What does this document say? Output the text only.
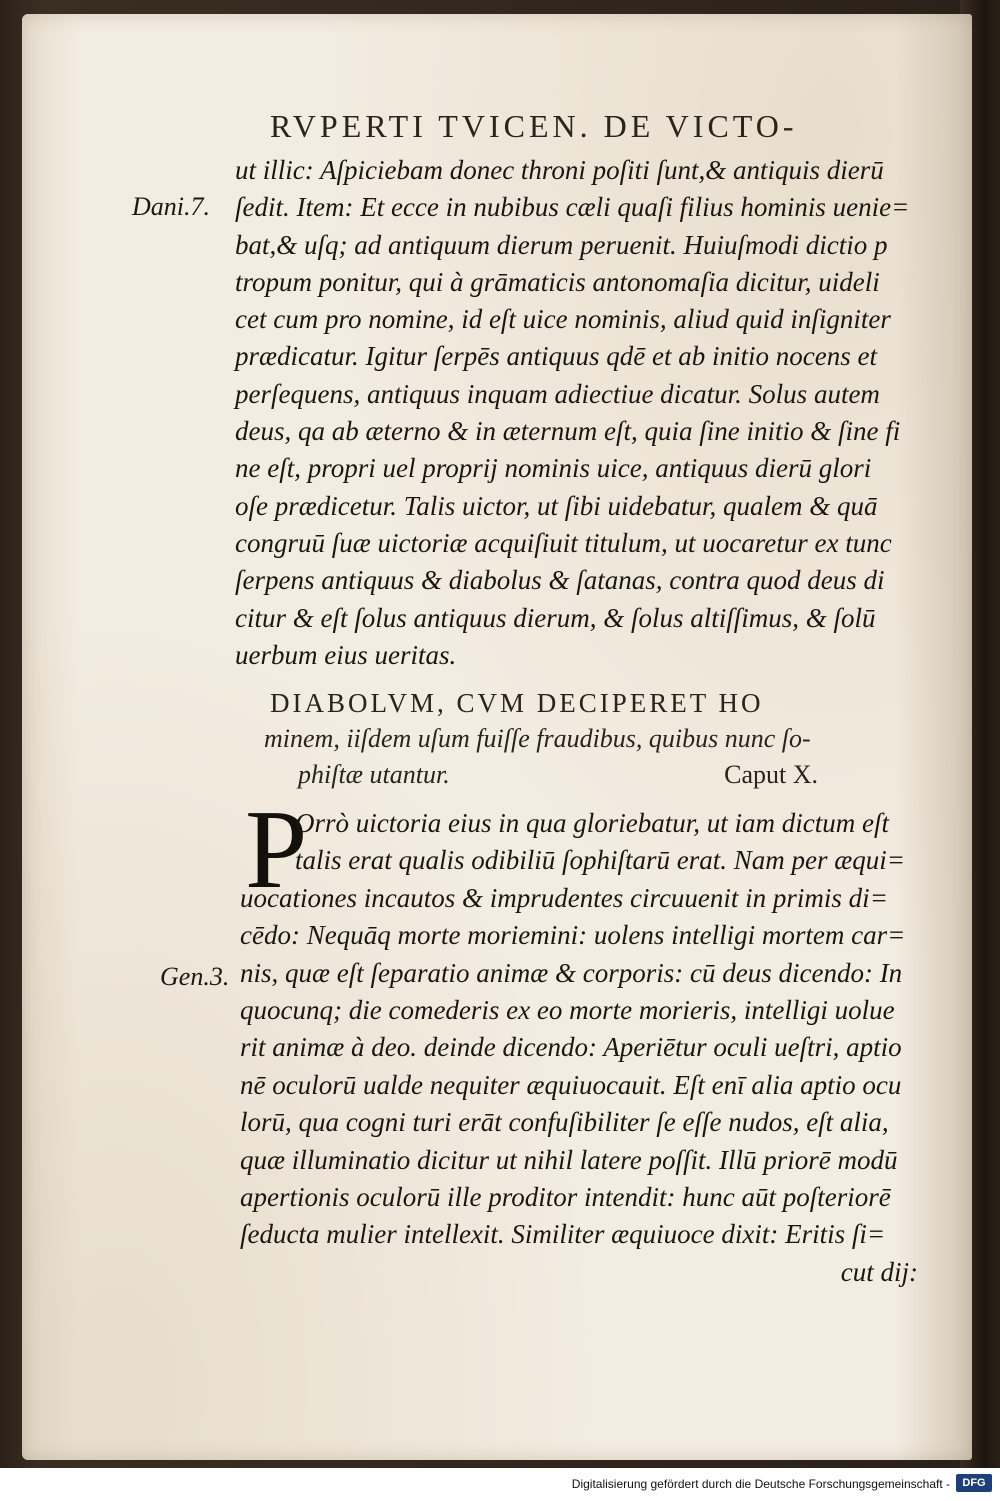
RVPERTI TVICEN. DE VICTO-
Dani.7.
Gen.3.
ut illic: Aſpiciebam donec throni poſiti ſunt,& antiquis dierū
ſedit. Item: Et ecce in nubibus cæli quaſi filius hominis uenie=
bat,& uſq; ad antiquum dierum peruenit. Huiuſmodi dictio p
tropum ponitur, qui à grāmaticis antonomaſia dicitur, uideli
cet cum pro nomine, id eſt uice nominis, aliud quid inſigniter
prædicatur. Igitur ſerpēs antiquus qdē et ab initio nocens et
perſequens, antiquus inquam adiectiue dicatur. Solus autem
deus, qa ab æterno & in æternum eſt, quia ſine initio & ſine fi
ne eſt, propri uel proprij nominis uice, antiquus dierū glori
oſe prædicetur. Talis uictor, ut ſibi uidebatur, qualem & quā
congruū ſuæ uictoriæ acquiſiuit titulum, ut uocaretur ex tunc
ſerpens antiquus & diabolus & ſatanas, contra quod deus di
citur & eſt ſolus antiquus dierum, & ſolus altiſſimus, & ſolū
uerbum eius ueritas.
DIABOLVM, CVM DECIPERET HO
minem, iiſdem uſum fuiſſe fraudibus, quibus nunc ſo-
phiſtæ utantur.	Caput X.
P
Orrò uictoria eius in qua gloriebatur, ut iam dictum eſt
talis erat qualis odibiliū ſophiſtarū erat. Nam per æqui=
uocationes incautos & imprudentes circuuenit in primis di=
cēdo: Nequāq morte moriemini: uolens intelligi mortem car=
nis, quæ eſt ſeparatio animæ & corporis: cū deus dicendo: In
quocunq; die comederis ex eo morte morieris, intelligi uolue
rit animæ à deo. deinde dicendo: Aperiētur oculi ueſtri, aptio
nē oculorū ualde nequiter æquiuocauit. Eſt enī alia aptio ocu
lorū, qua cogni turi erāt confuſibiliter ſe eſſe nudos, eſt alia,
quæ illuminatio dicitur ut nihil latere poſſit. Illū priorē modū
apertionis oculorū ille proditor intendit: hunc aūt poſteriorē
ſeducta mulier intellexit. Similiter æquiuoce dixit: Eritis ſi=
cut dij:
Digitalisierung gefördert durch die Deutsche Forschungsgemeinschaft -	DFG
